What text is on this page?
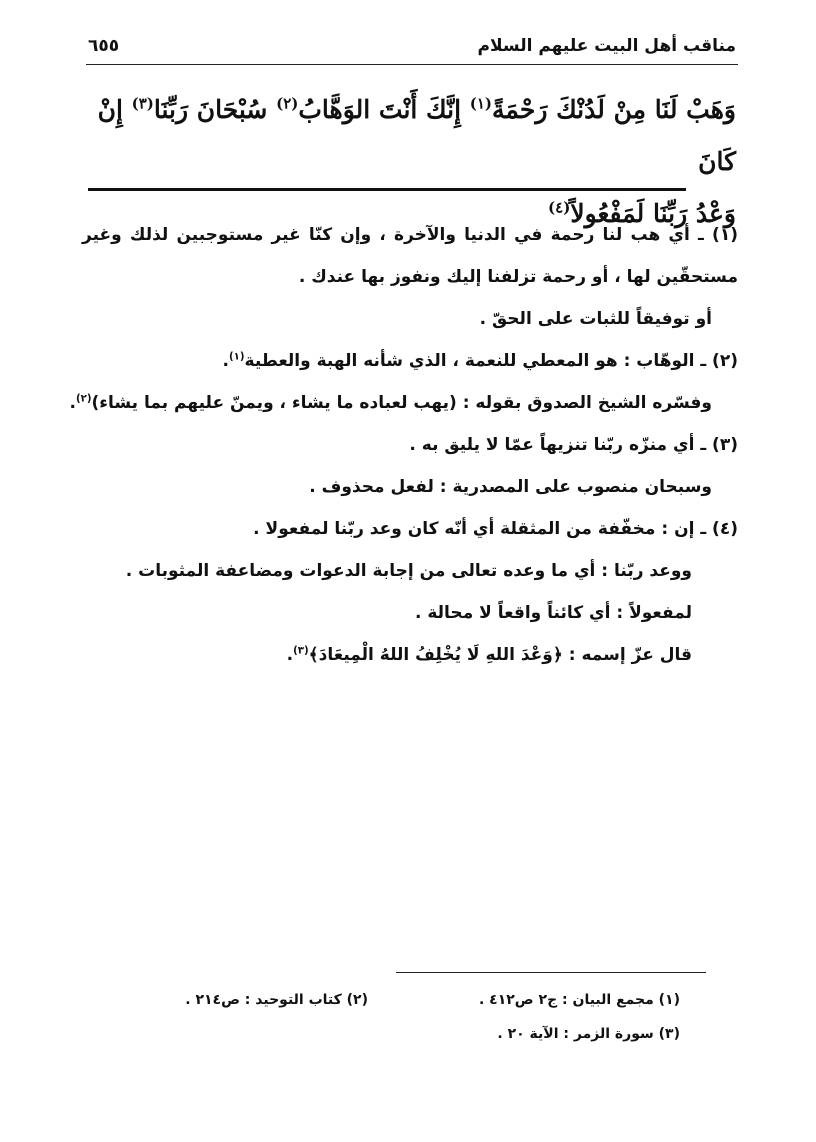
مناقب أهل البيت عليهم السلام
٦٥٥
وَهَبْ لَنَا مِنْ لَدُنْكَ رَحْمَةً$^{(١)}$ إِنَّكَ أَنْتَ الوَهَّابُ$^{(٢)}$ سُبْحَانَ رَبِّنَا$^{(٣)}$ إِنْ كَانَ
وَعْدُ رَبِّنَا لَمَفْعُولاً$^{(٤)}$
(١) ـ أي هب لنا رحمة في الدنيا والآخرة ، وإن كنّا غير مستوجبين لذلك وغير
مستحقّين لها ، أو رحمة تزلفنا إليك ونفوز بها عندك .
أو توفيقاً للثبات على الحقّ .
(٢) ـ الوهّاب : هو المعطي للنعمة ، الذي شأنه الهبة والعطية$^{(١)}$.
وفسّره الشيخ الصدوق بقوله : (يهب لعباده ما يشاء ، ويمنّ عليهم بما يشاء)$^{(٢)}$.
(٣) ـ أي منزّه ربّنا تنزيهاً عمّا لا يليق به .
وسبحان منصوب على المصدرية : لفعل محذوف .
(٤) ـ إن : مخفّفة من المثقلة أي أنّه كان وعد ربّنا لمفعولا .
ووعد ربّنا : أي ما وعده تعالى من إجابة الدعوات ومضاعفة المثوبات .
لمفعولاً : أي كائناً واقعاً لا محالة .
قال عزّ إسمه : ﴿وَعْدَ اللهِ لَا يُخْلِفُ اللهُ الْمِيعَادَ﴾$^{(٣)}$.
(١) مجمع البيان : ج٢ ص٤١٢ .
(٢) كتاب التوحيد : ص٢١٤ .
(٣) سورة الزمر : الآية ٢٠ .
